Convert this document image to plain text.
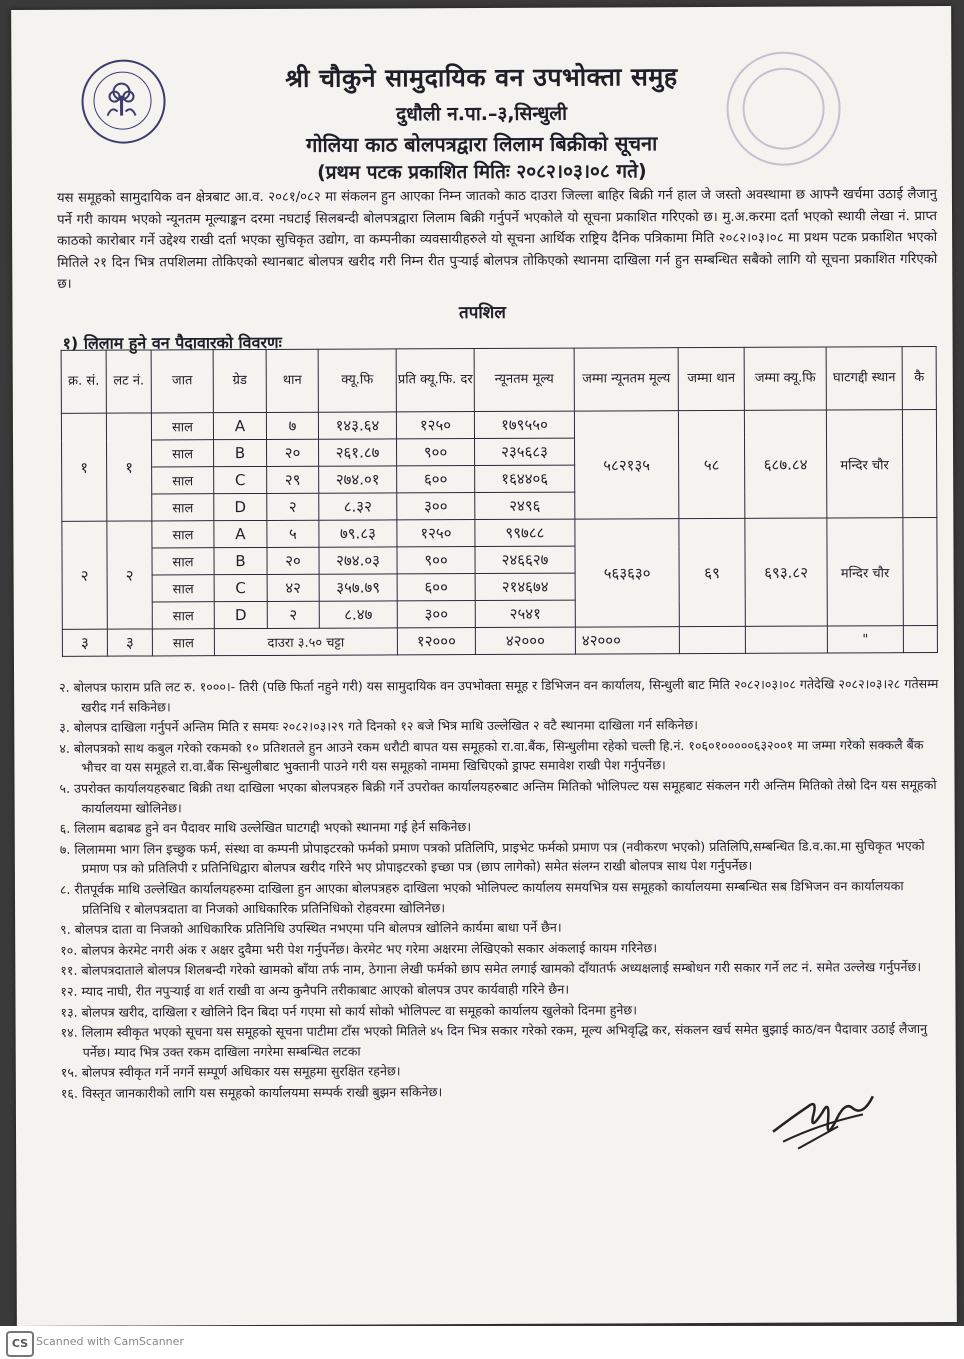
श्री चौकुने सामुदायिक वन उपभोक्ता समुह
दुधौली न.पा.–३,सिन्धुली
गोलिया काठ बोलपत्रद्वारा लिलाम बिक्रीको सूचना
(प्रथम पटक प्रकाशित मितिः २०८२।०३।०८ गते)
यस समूहको सामुदायिक वन क्षेत्रबाट आ.व. २०८१/०८२ मा संकलन हुन आएका निम्न जातको काठ दाउरा जिल्ला बाहिर बिक्री गर्न हाल जे जस्तो अवस्थामा छ आफ्नै खर्चमा उठाई लैजानु पर्ने गरी कायम भएको न्यूनतम मूल्याङ्कन दरमा नघटाई सिलबन्दी बोलपत्रद्वारा लिलाम बिक्री गर्नुपर्ने भएकोले यो सूचना प्रकाशित गरिएको छ। मु.अ.करमा दर्ता भएको स्थायी लेखा नं. प्राप्त काठको कारोबार गर्ने उद्देश्य राखी दर्ता भएका सुचिकृत उद्योग, वा कम्पनीका व्यवसायीहरुले यो सूचना आर्थिक राष्ट्रिय दैनिक पत्रिकामा मिति २०८२।०३।०८ मा प्रथम पटक प्रकाशित भएको मितिले २१ दिन भित्र तपशिलमा तोकिएको स्थानबाट बोलपत्र खरीद गरी निम्न रीत पुर्‍याई बोलपत्र तोकिएको स्थानमा दाखिला गर्न हुन सम्बन्धित सबैको लागि यो सूचना प्रकाशित गरिएको छ।
तपशिल
१) लिलाम हुने वन पैदावारको विवरणः
क्र. सं.	लट नं.	जात	ग्रेड	थान	क्यू.फि	प्रति क्यू.फि. दर	न्यूनतम मूल्य	जम्मा न्यूनतम मूल्य	जम्मा थान	जम्मा क्यू.फि	घाटगद्दी स्थान	कै
१	१	साल	A	७	१४३.६४	१२५०	१७९५५०	५८२१३५	५८	६८७.८४	मन्दिर चौर	
		साल	B	२०	२६१.८७	९००	२३५६८३					
		साल	C	२९	२७४.०१	६००	१६४४०६					
		साल	D	२	८.३२	३००	२४९६					
२	२	साल	A	५	७९.८३	१२५०	९९७८८	५६३६३०	६९	६९३.८२	मन्दिर चौर	
		साल	B	२०	२७४.०३	९००	२४६६२७					
		साल	C	४२	३५७.७९	६००	२१४६७४					
		साल	D	२	८.४७	३००	२५४१					
३	३	साल	दाउरा ३.५० चट्टा			१२०००	४२०००	४२०००			"	
२. बोलपत्र फाराम प्रति लट रु. १०००।- तिरी (पछि फिर्ता नहुने गरी) यस सामुदायिक वन उपभोक्ता समूह र डिभिजन वन कार्यालय, सिन्धुली बाट मिति २०८२।०३।०८ गतेदेखि २०८२।०३।२८ गतेसम्म खरीद गर्न सकिनेछ।
३. बोलपत्र दाखिला गर्नुपर्ने अन्तिम मिति र समयः २०८२।०३।२९ गते दिनको १२ बजे भित्र माथि उल्लेखित २ वटै स्थानमा दाखिला गर्न सकिनेछ।
४. बोलपत्रको साथ कबुल गरेको रकमको १० प्रतिशतले हुन आउने रकम धरौटी बापत यस समूहको रा.वा.बैंक, सिन्धुलीमा रहेको चल्ती हि.नं. १०६०१०००००६३२००१ मा जम्मा गरेको सक्कलै बैंक भौचर वा यस समूहले रा.वा.बैंक सिन्धुलीबाट भुक्तानी पाउने गरी यस समूहको नाममा खिचिएको ड्राफ्ट समावेश राखी पेश गर्नुपर्नेछ।
५. उपरोक्त कार्यालयहरुबाट बिक्री तथा दाखिला भएका बोलपत्रहरु बिक्री गर्ने उपरोक्त कार्यालयहरुबाट अन्तिम मितिको भोलिपल्ट यस समूहबाट संकलन गरी अन्तिम मितिको तेस्रो दिन यस समूहको कार्यालयमा खोलिनेछ।
६. लिलाम बढाबढ हुने वन पैदावर माथि उल्लेखित घाटगद्दी भएको स्थानमा गई हेर्न सकिनेछ।
७. लिलाममा भाग लिन इच्छुक फर्म, संस्था वा कम्पनी प्रोपाइटरको फर्मको प्रमाण पत्रको प्रतिलिपि, प्राइभेट फर्मको प्रमाण पत्र (नवीकरण भएको) प्रतिलिपि,सम्बन्धित डि.व.का.मा सुचिकृत भएको प्रमाण पत्र को प्रतिलिपी र प्रतिनिधिद्वारा बोलपत्र खरीद गरिने भए प्रोपाइटरको इच्छा पत्र (छाप लागेको) समेत संलग्न राखी बोलपत्र साथ पेश गर्नुपर्नेछ।
८. रीतपूर्वक माथि उल्लेखित कार्यालयहरुमा दाखिला हुन आएका बोलपत्रहरु दाखिला भएको भोलिपल्ट कार्यालय समयभित्र यस समूहको कार्यालयमा सम्बन्धित सब डिभिजन वन कार्यालयका प्रतिनिधि र बोलपत्रदाता वा निजको आधिकारिक प्रतिनिधिको रोहवरमा खोलिनेछ।
९. बोलपत्र दाता वा निजको आधिकारिक प्रतिनिधि उपस्थित नभएमा पनि बोलपत्र खोलिने कार्यमा बाधा पर्ने छैन।
१०. बोलपत्र केरमेट नगरी अंक र अक्षर दुवैमा भरी पेश गर्नुपर्नेछ। केरमेट भए गरेमा अक्षरमा लेखिएको सकार अंकलाई कायम गरिनेछ।
११. बोलपत्रदाताले बोलपत्र शिलबन्दी गरेको खामको बाँया तर्फ नाम, ठेगाना लेखी फर्मको छाप समेत लगाई खामको दाँयातर्फ अध्यक्षलाई सम्बोधन गरी सकार गर्ने लट नं. समेत उल्लेख गर्नुपर्नेछ।
१२. म्याद नाघी, रीत नपुर्‍याई वा शर्त राखी वा अन्य कुनैपनि तरीकाबाट आएको बोलपत्र उपर कार्यवाही गरिने छैन।
१३. बोलपत्र खरीद, दाखिला र खोलिने दिन बिदा पर्न गएमा सो कार्य सोको भोलिपल्ट वा समूहको कार्यालय खुलेको दिनमा हुनेछ।
१४. लिलाम स्वीकृत भएको सूचना यस समूहको सूचना पाटीमा टाँस भएको मितिले ४५ दिन भित्र सकार गरेको रकम, मूल्य अभिवृद्धि कर, संकलन खर्च समेत बुझाई काठ/वन पैदावार उठाई लैजानु पर्नेछ। म्याद भित्र उक्त रकम दाखिला नगरेमा सम्बन्धित लटका
१५. बोलपत्र स्वीकृत गर्ने नगर्ने सम्पूर्ण अधिकार यस समूहमा सुरक्षित रहनेछ।
१६. विस्तृत जानकारीको लागि यस समूहको कार्यालयमा सम्पर्क राखी बुझन सकिनेछ।
CS Scanned with CamScanner
